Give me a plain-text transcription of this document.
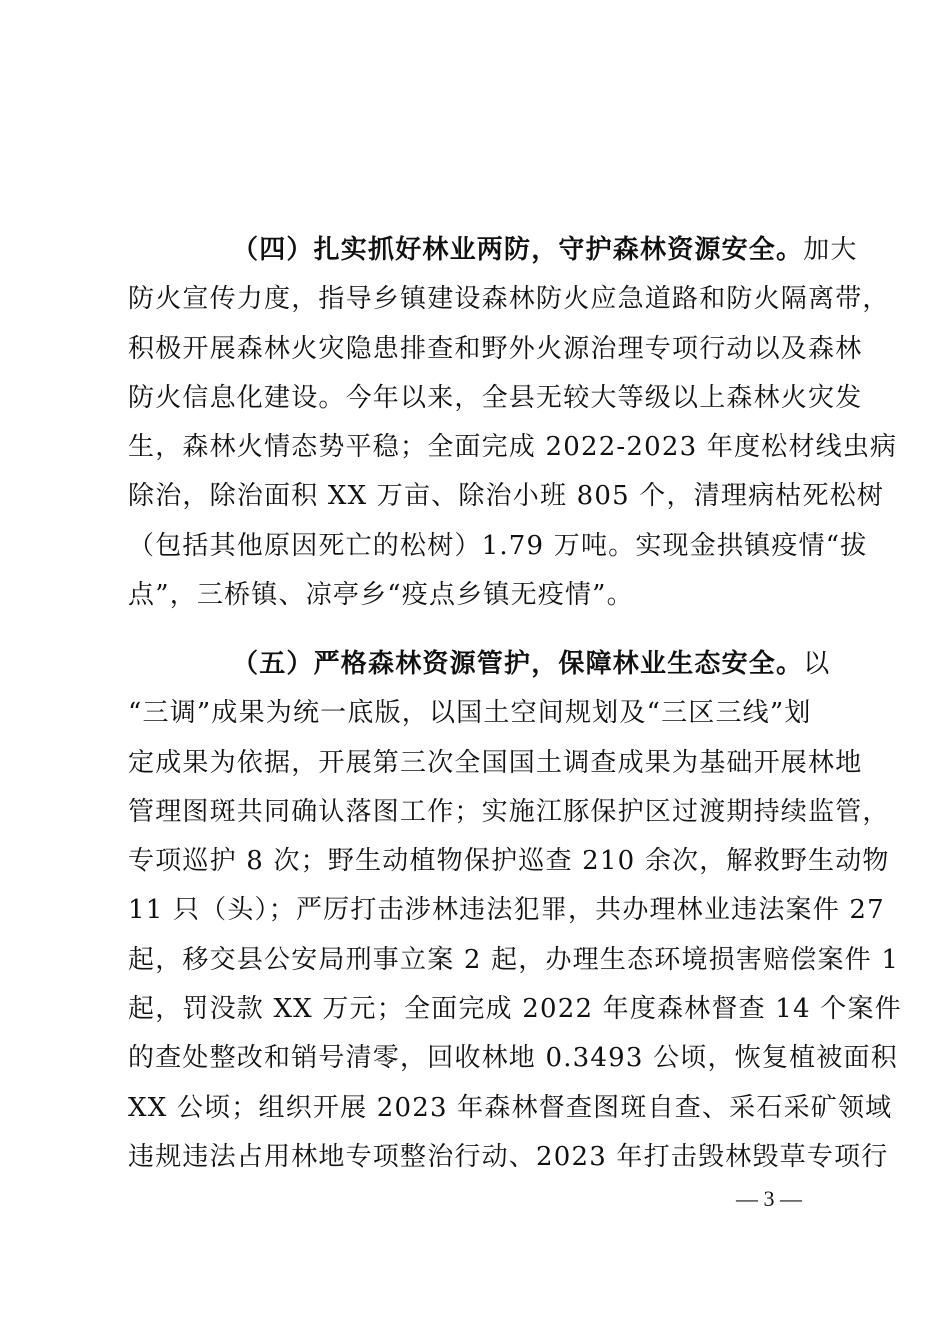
（四）扎实抓好林业两防，守护森林资源安全。加大
防火宣传力度，指导乡镇建设森林防火应急道路和防火隔离带，
积极开展森林火灾隐患排查和野外火源治理专项行动以及森林
防火信息化建设。今年以来，全县无较大等级以上森林火灾发
生，森林火情态势平稳；全面完成 2022-2023 年度松材线虫病
除治，除治面积 XX 万亩、除治小班 805 个，清理病枯死松树
（包括其他原因死亡的松树）1.79 万吨。实现金拱镇疫情“拔
点”，三桥镇、凉亭乡“疫点乡镇无疫情”。
（五）严格森林资源管护，保障林业生态安全。以
“三调”成果为统一底版，以国土空间规划及“三区三线”划
定成果为依据，开展第三次全国国土调查成果为基础开展林地
管理图斑共同确认落图工作；实施江豚保护区过渡期持续监管，
专项巡护 8 次；野生动植物保护巡查 210 余次，解救野生动物
11 只（头）；严厉打击涉林违法犯罪，共办理林业违法案件 27
起，移交县公安局刑事立案 2 起，办理生态环境损害赔偿案件 1
起，罚没款 XX 万元；全面完成 2022 年度森林督查 14 个案件
的查处整改和销号清零，回收林地 0.3493 公顷，恢复植被面积
XX 公顷；组织开展 2023 年森林督查图斑自查、采石采矿领域
违规违法占用林地专项整治行动、2023 年打击毁林毁草专项行
— 3 —
